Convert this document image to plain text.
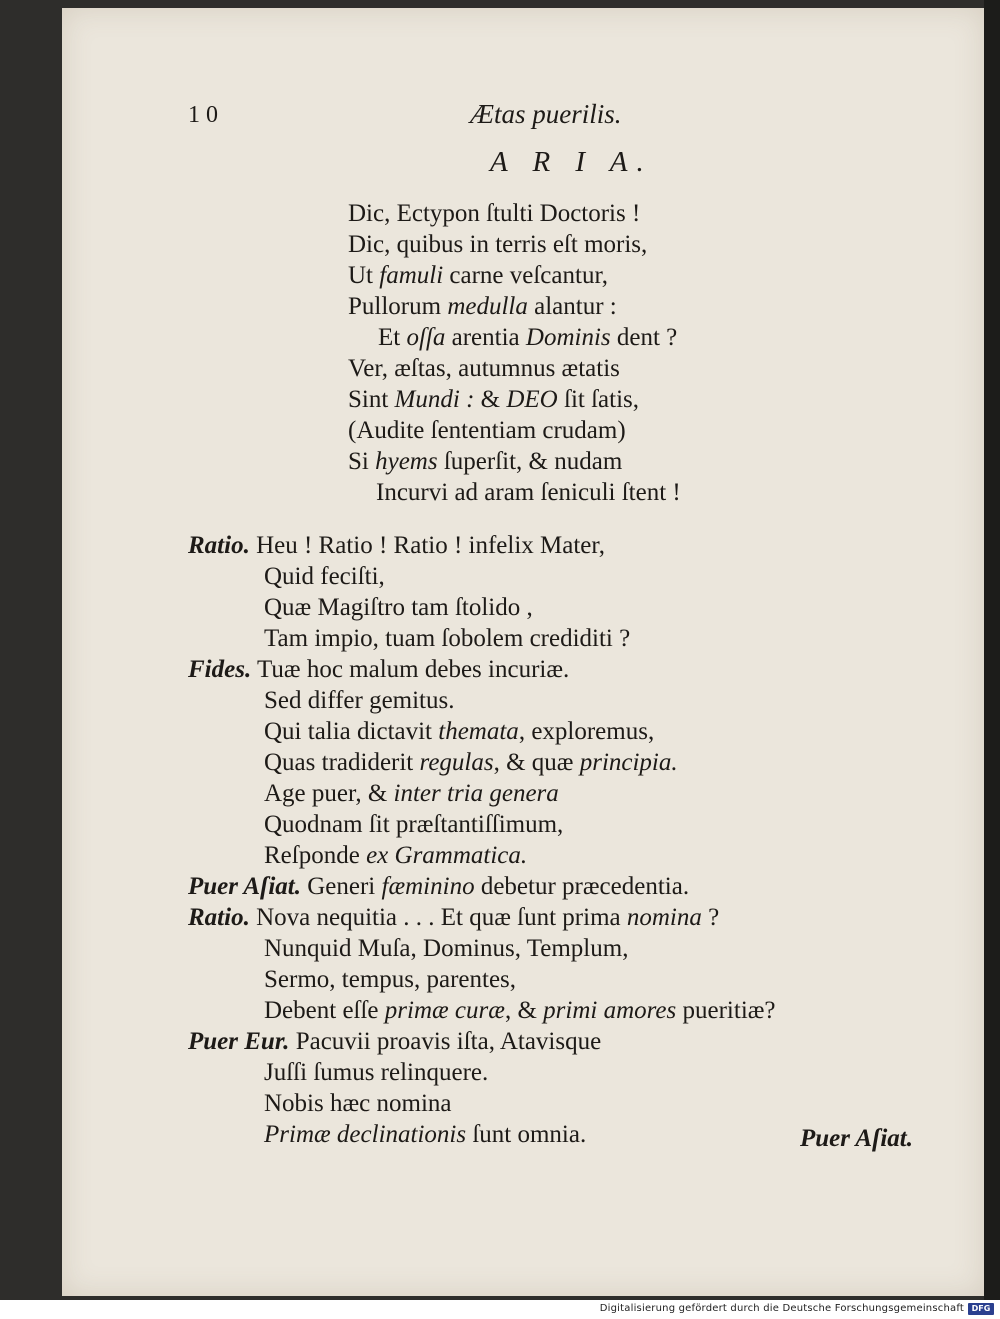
1 0	Ætas puerilis.
A R I A.
Dic, Ectypon ſtulti Doctoris !
Dic, quibus in terris eſt moris,
Ut famuli carne veſcantur,
Pullorum medulla alantur :
Et oſſa arentia Dominis dent ?
Ver, æſtas, autumnus ætatis
Sint Mundi : & DEO ſit ſatis,
(Audite ſententiam crudam)
Si hyems ſuperſit, & nudam
Incurvi ad aram ſeniculi ſtent !
Ratio. Heu ! Ratio ! Ratio ! infelix Mater,
Quid feciſti,
Quæ Magiſtro tam ſtolido ,
Tam impio, tuam ſobolem crediditi ?
Fides. Tuæ hoc malum debes incuriæ.
Sed differ gemitus.
Qui talia dictavit themata, exploremus,
Quas tradiderit regulas, & quæ principia.
Age puer, & inter tria genera
Quodnam ſit præſtantiſſimum,
Reſponde ex Grammatica.
Puer Aſiat. Generi fæminino debetur præcedentia.
Ratio. Nova nequitia . . . Et quæ ſunt prima nomina ?
Nunquid Muſa, Dominus, Templum,
Sermo, tempus, parentes,
Debent eſſe primæ curæ, & primi amores pueritiæ?
Puer Eur. Pacuvii proavis iſta, Atavisque
Juſſi ſumus relinquere.
Nobis hæc nomina
Primæ declinationis ſunt omnia.	Puer Aſiat.
Digitalisierung gefördert durch die Deutsche Forschungsgemeinschaft DFG
